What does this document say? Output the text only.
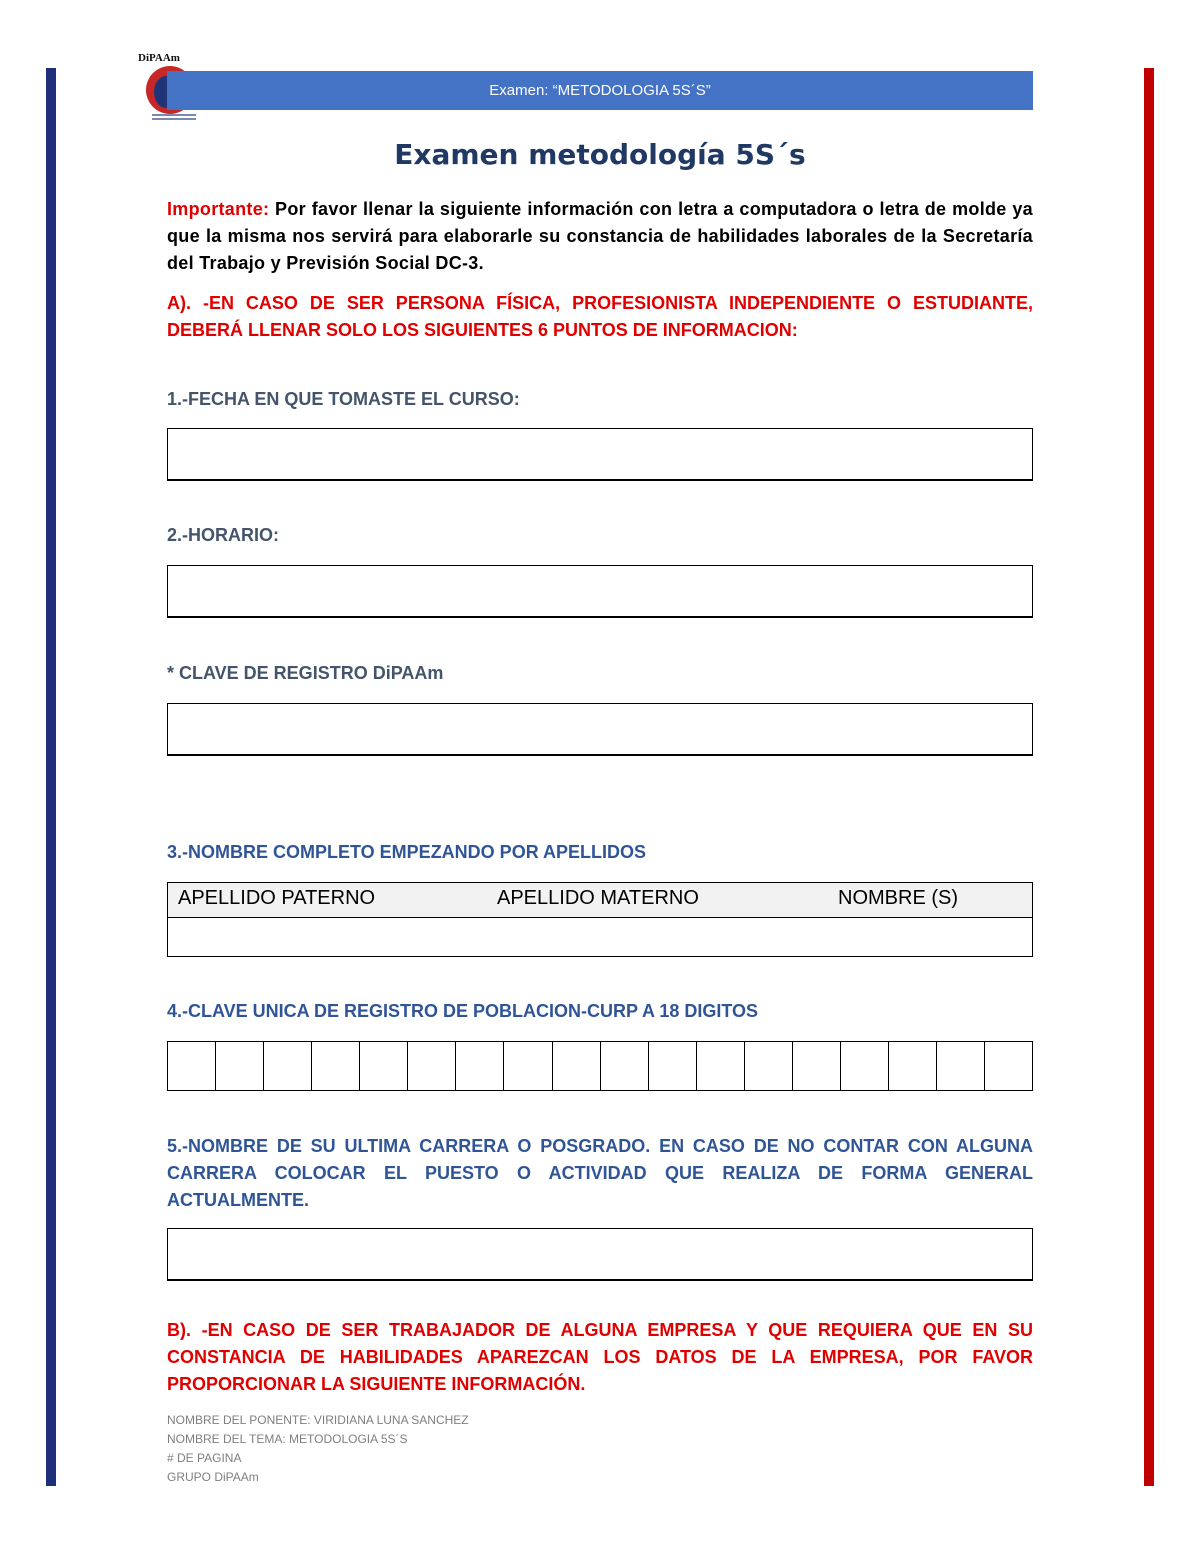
DiPAAm
Examen: “METODOLOGIA 5S´S”
Examen metodología 5S´s
Importante: Por favor llenar la siguiente información con letra a computadora o letra de molde ya que la misma nos servirá para elaborarle su constancia de habilidades laborales de la Secretaría del Trabajo y Previsión Social DC-3.
A). -EN CASO DE SER PERSONA FÍSICA, PROFESIONISTA INDEPENDIENTE O ESTUDIANTE, DEBERÁ LLENAR SOLO LOS SIGUIENTES 6 PUNTOS DE INFORMACION:
1.-FECHA EN QUE TOMASTE EL CURSO:
2.-HORARIO:
* CLAVE DE REGISTRO DiPAAm
3.-NOMBRE COMPLETO EMPEZANDO POR APELLIDOS
APELLIDO PATERNO	APELLIDO MATERNO	NOMBRE (S)
4.-CLAVE UNICA DE REGISTRO DE POBLACION-CURP A 18 DIGITOS
5.-NOMBRE DE SU ULTIMA CARRERA O POSGRADO. EN CASO DE NO CONTAR CON ALGUNA CARRERA COLOCAR EL PUESTO O ACTIVIDAD QUE REALIZA DE FORMA GENERAL ACTUALMENTE.
B). -EN CASO DE SER TRABAJADOR DE ALGUNA EMPRESA Y QUE REQUIERA QUE EN SU CONSTANCIA DE HABILIDADES APAREZCAN LOS DATOS DE LA EMPRESA, POR FAVOR PROPORCIONAR LA SIGUIENTE INFORMACIÓN.
NOMBRE DEL PONENTE: VIRIDIANA LUNA SANCHEZ
NOMBRE DEL TEMA: METODOLOGIA 5S´S
# DE PAGINA
GRUPO DiPAAm
